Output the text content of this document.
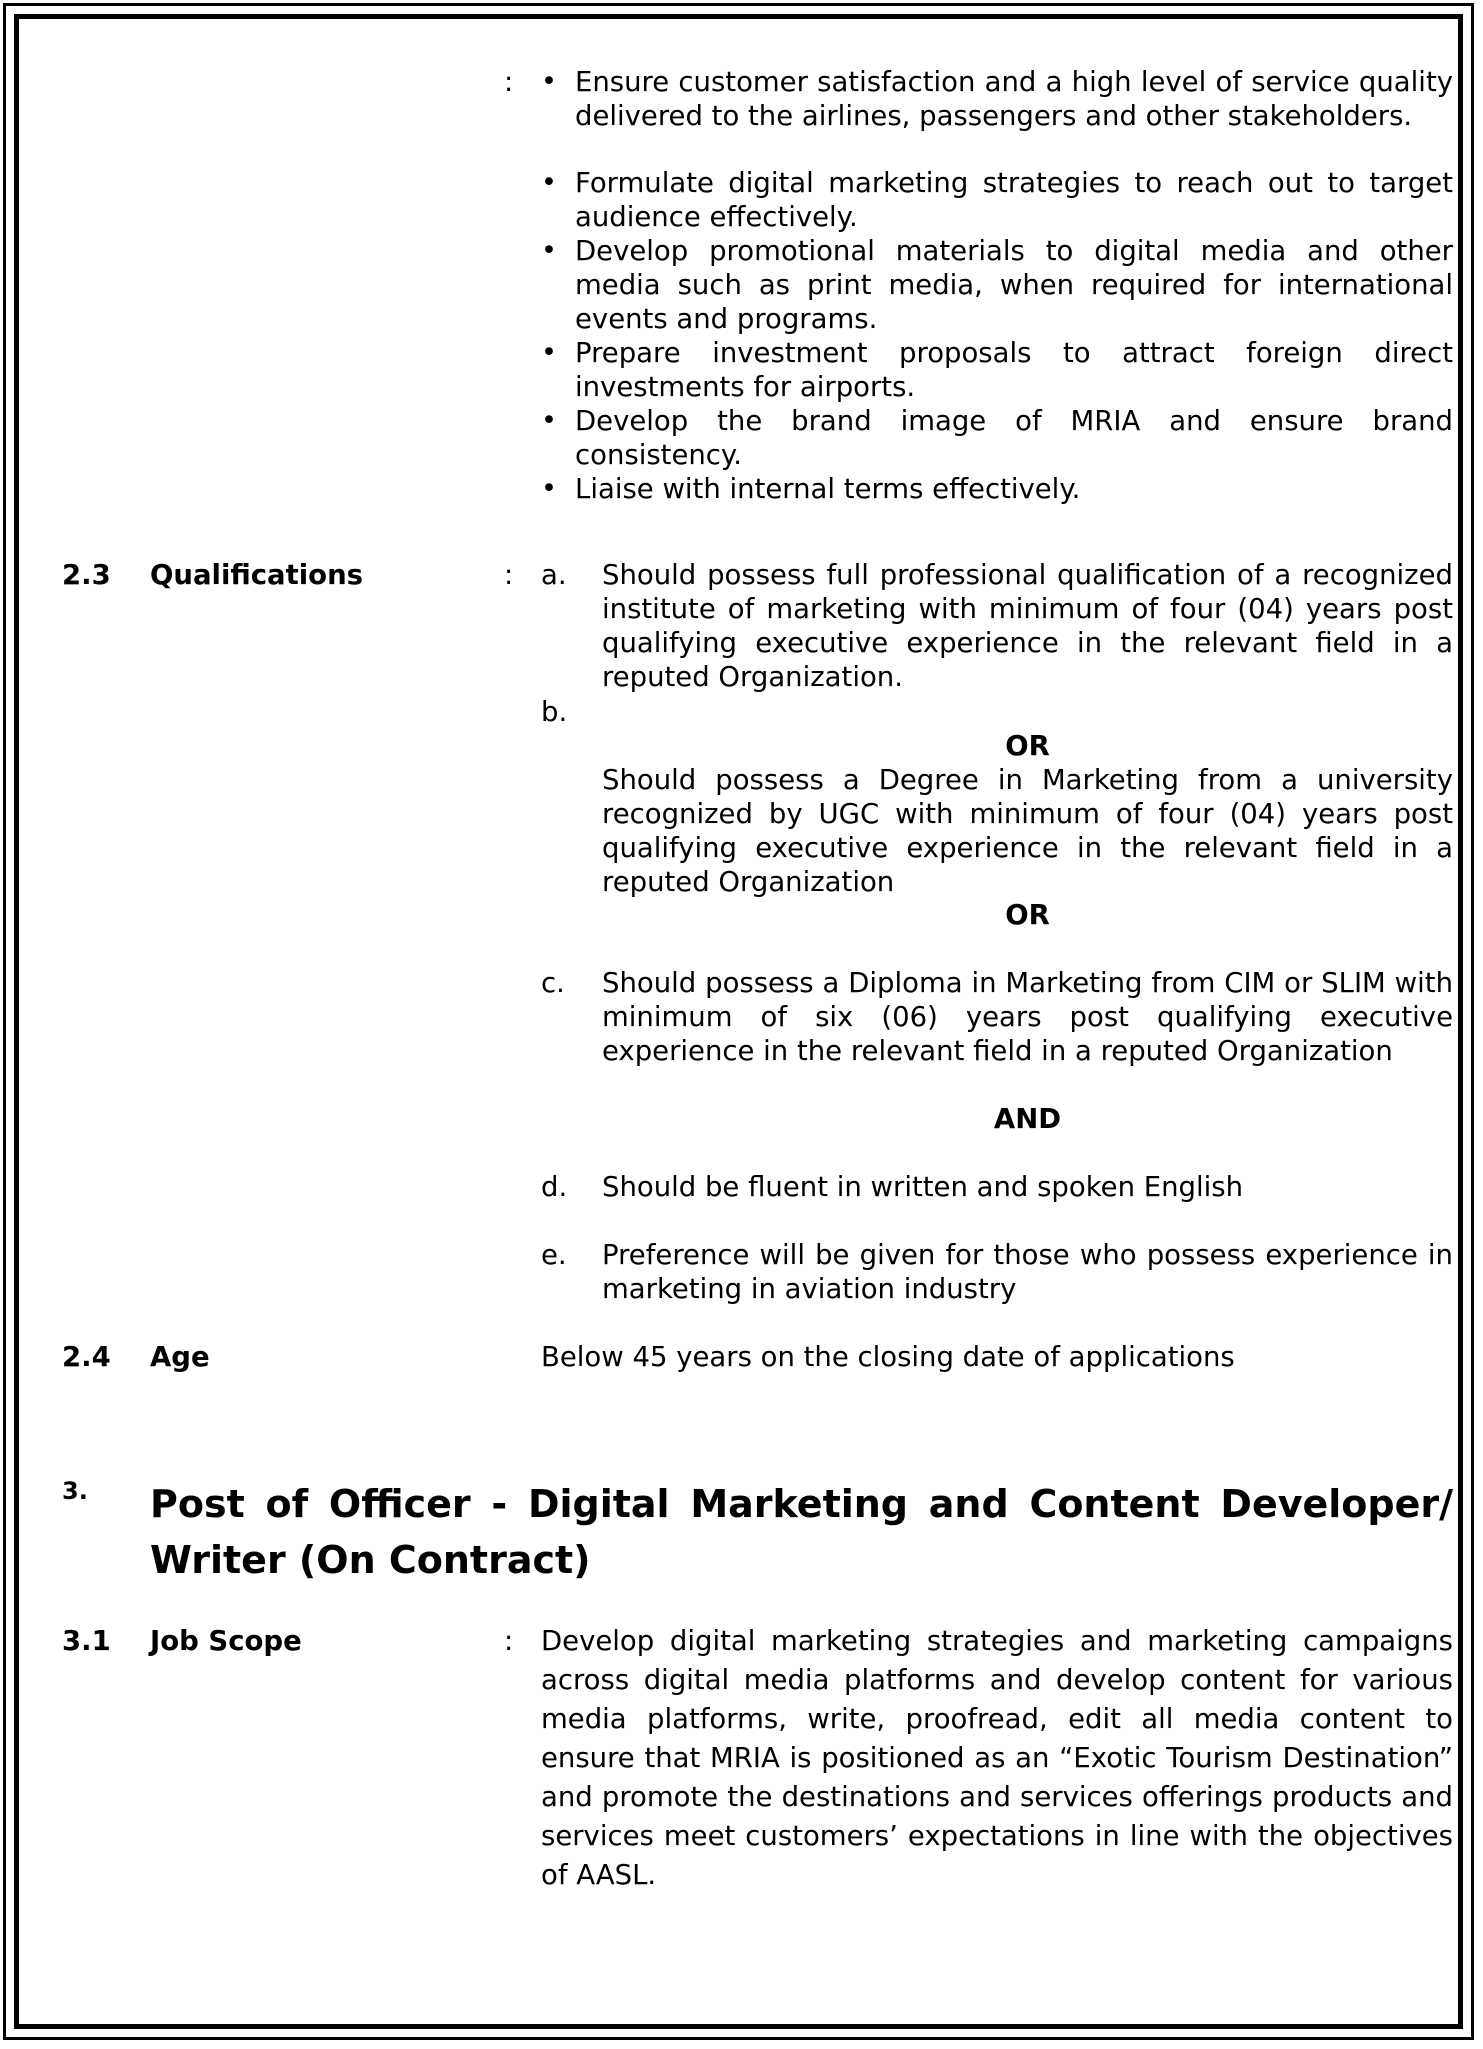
: • Ensure customer satisfaction and a high level of service quality delivered to the airlines, passengers and other stakeholders.
• Formulate digital marketing strategies to reach out to target audience effectively.
• Develop promotional materials to digital media and other media such as print media, when required for international events and programs.
• Prepare investment proposals to attract foreign direct investments for airports.
• Develop the brand image of MRIA and ensure brand consistency.
• Liaise with internal terms effectively.
2.3 Qualifications	: a. Should possess full professional qualification of a recognized institute of marketing with minimum of four (04) years post qualifying executive experience in the relevant field in a reputed Organization.
b.
OR
Should possess a Degree in Marketing from a university recognized by UGC with minimum of four (04) years post qualifying executive experience in the relevant field in a reputed Organization
OR
c. Should possess a Diploma in Marketing from CIM or SLIM with minimum of six (06) years post qualifying executive experience in the relevant field in a reputed Organization
AND
d. Should be fluent in written and spoken English
e. Preference will be given for those who possess experience in marketing in aviation industry
2.4 Age	Below 45 years on the closing date of applications
3. Post of Officer - Digital Marketing and Content Developer/ Writer (On Contract)
3.1 Job Scope	: Develop digital marketing strategies and marketing campaigns across digital media platforms and develop content for various media platforms, write, proofread, edit all media content to ensure that MRIA is positioned as an “Exotic Tourism Destination” and promote the destinations and services offerings products and services meet customers’ expectations in line with the objectives of AASL.
